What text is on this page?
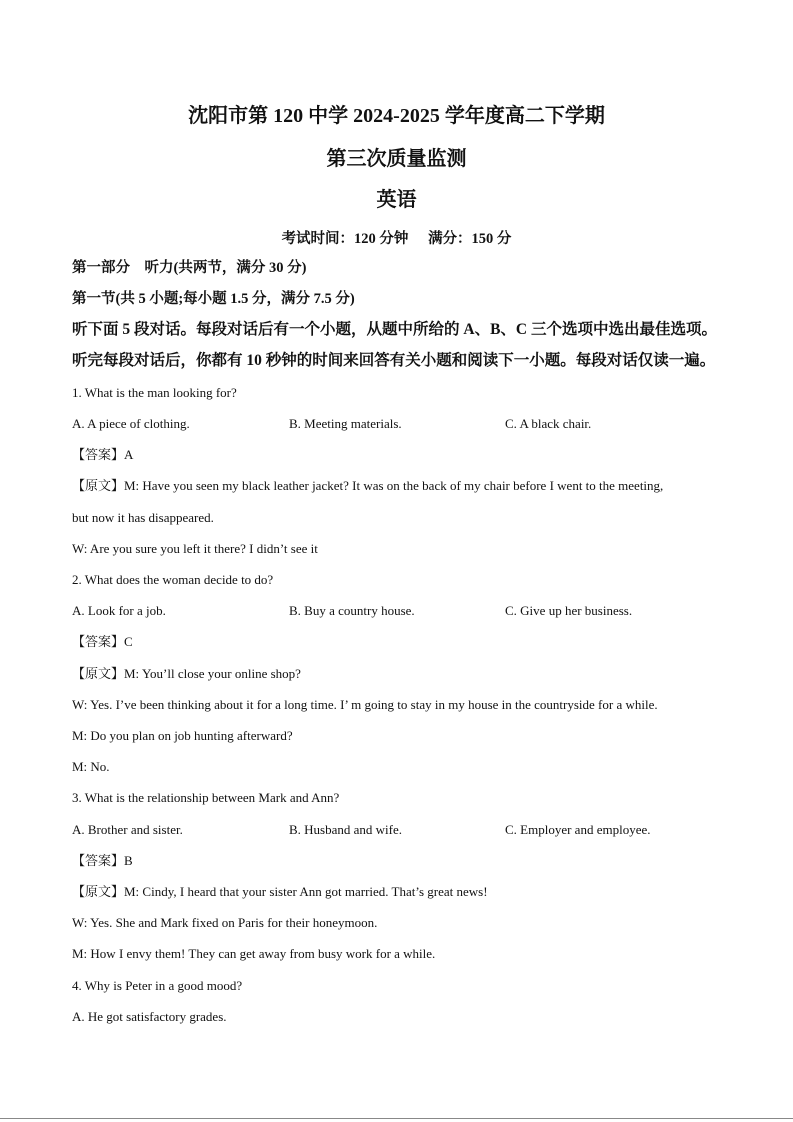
沈阳市第 120 中学 2024-2025 学年度高二下学期
第三次质量监测
英语
考试时间：120 分钟 满分：150 分
第一部分　听力(共两节，满分 30 分)
第一节(共 5 小题;每小题 1.5 分，满分 7.5 分)
听下面 5 段对话。每段对话后有一个小题，从题中所给的 A、B、C 三个选项中选出最佳选项。
听完每段对话后，你都有 10 秒钟的时间来回答有关小题和阅读下一小题。每段对话仅读一遍。
1. What is the man looking for?
A. A piece of clothing.	B. Meeting materials.	C. A black chair.
【答案】A
【原文】M: Have you seen my black leather jacket? It was on the back of my chair before I went to the meeting,
but now it has disappeared.
W: Are you sure you left it there? I didn’t see it
2. What does the woman decide to do?
A. Look for a job.	B. Buy a country house.	C. Give up her business.
【答案】C
【原文】M: You’ll close your online shop?
W: Yes. I’ve been thinking about it for a long time. I’ m going to stay in my house in the countryside for a while.
M: Do you plan on job hunting afterward?
M: No.
3. What is the relationship between Mark and Ann?
A. Brother and sister.	B. Husband and wife.	C. Employer and employee.
【答案】B
【原文】M: Cindy, I heard that your sister Ann got married. That’s great news!
W: Yes. She and Mark fixed on Paris for their honeymoon.
M: How I envy them! They can get away from busy work for a while.
4. Why is Peter in a good mood?
A. He got satisfactory grades.
